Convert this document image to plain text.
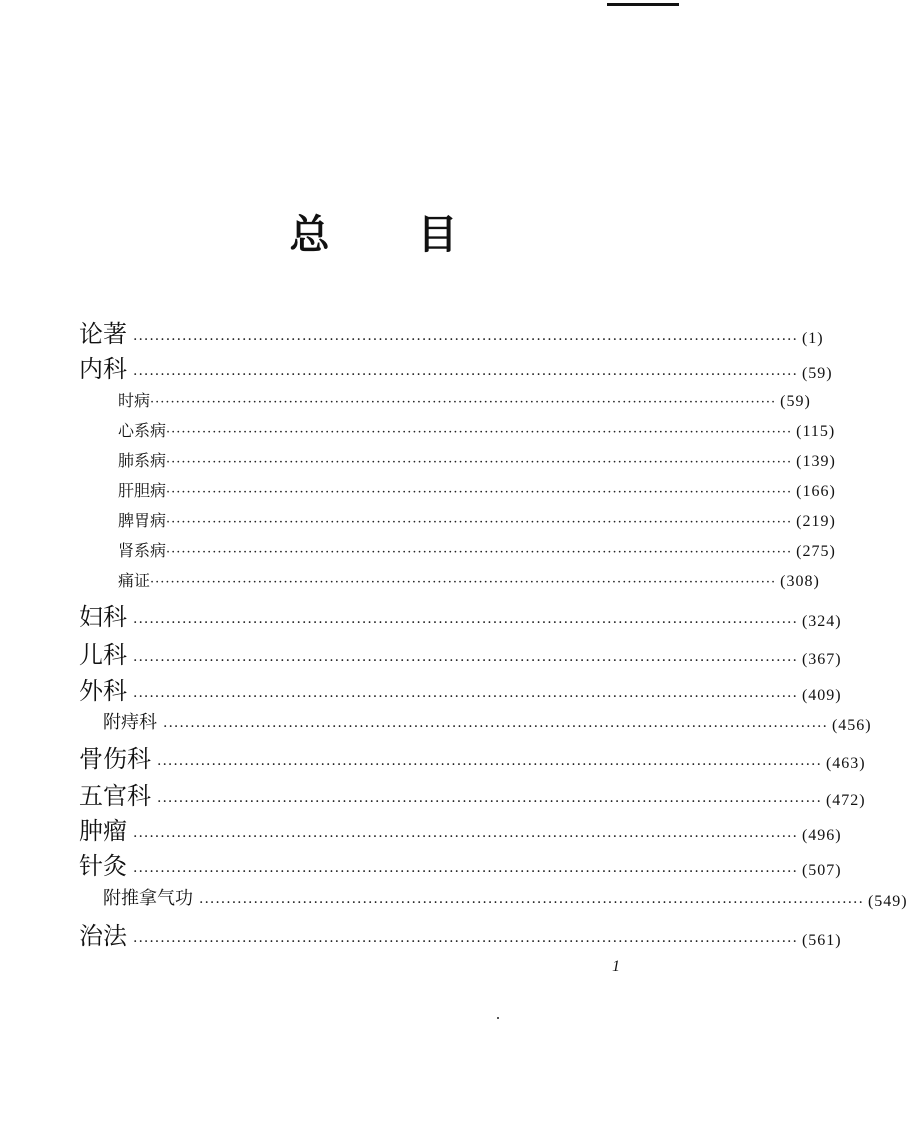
总 目
论著 ·························································································································· (1)
内科 ·························································································································· (59)
时病 ·························································································································· (59)
心系病 ·························································································································· (115)
肺系病 ·························································································································· (139)
肝胆病 ·························································································································· (166)
脾胃病 ·························································································································· (219)
肾系病 ·························································································································· (275)
痛证 ·························································································································· (308)
妇科 ·························································································································· (324)
儿科 ·························································································································· (367)
外科 ·························································································································· (409)
附痔科 ·························································································································· (456)
骨伤科 ·························································································································· (463)
五官科 ·························································································································· (472)
肿瘤 ·························································································································· (496)
针灸 ·························································································································· (507)
附推拿气功 ·························································································································· (549)
治法 ·························································································································· (561)
1
